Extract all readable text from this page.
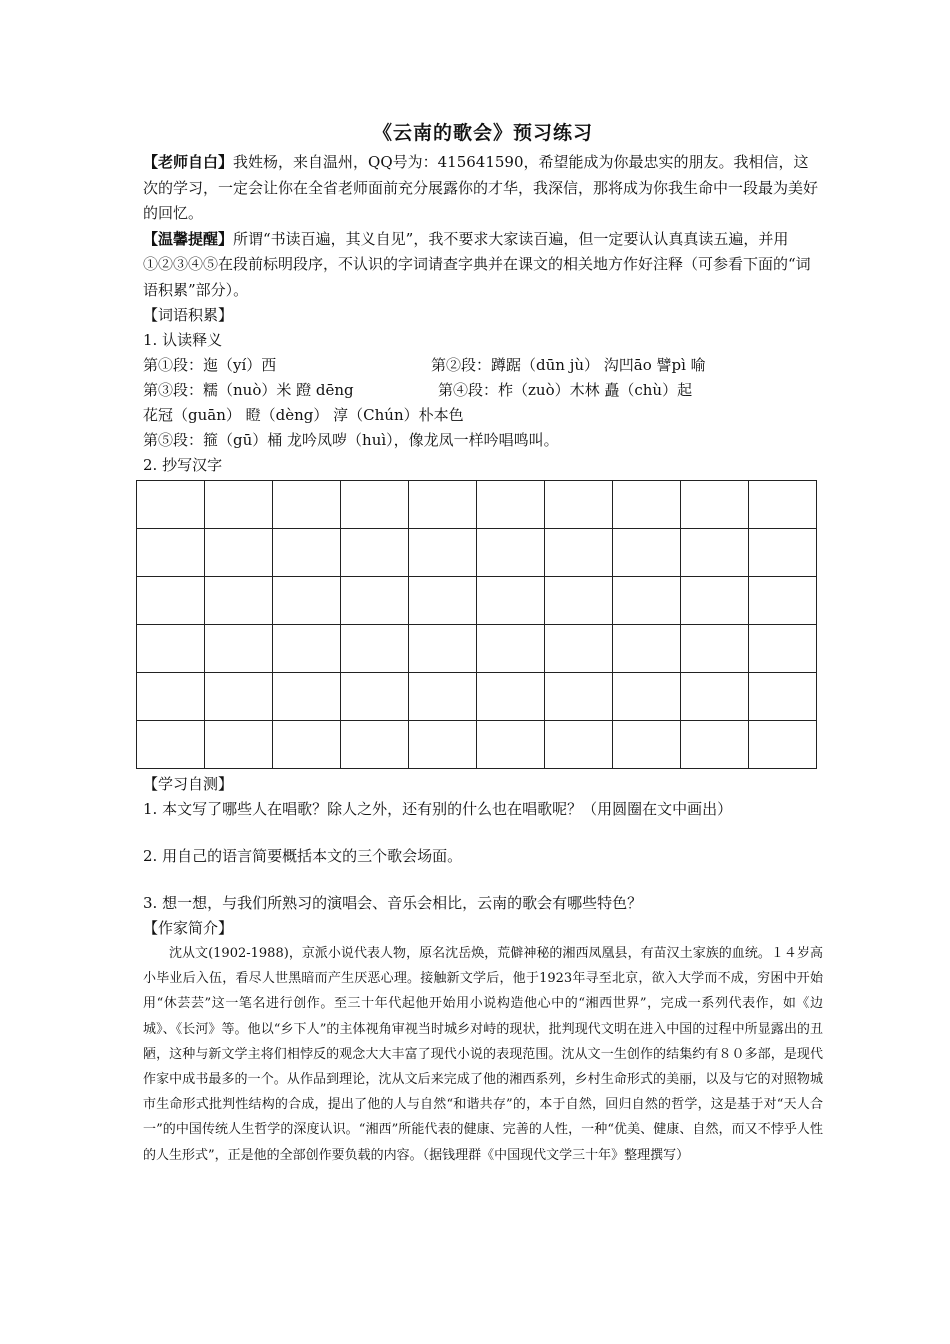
《云南的歌会》预习练习

【老师自白】我姓杨，来自温州，QQ号为：415641590，希望能成为你最忠实的朋友。我相信，这次的学习，一定会让你在全省老师面前充分展露你的才华，我深信，那将成为你我生命中一段最为美好的回忆。

【温馨提醒】所谓“书读百遍，其义自见”，我不要求大家读百遍，但一定要认认真真读五遍，并用①②③④⑤在段前标明段序，不认识的字词请查字典并在课文的相关地方作好注释（可参看下面的“词语积累”部分）。

【词语积累】
1. 认读释义
第①段：迤（yí）西	第②段：蹲踞（dūn jù） 沟凹āo 譬pì 喻
第③段：糯（nuò）米 蹬 dēng	第④段：柞（zuò）木林 矗（chù）起
花冠（guān） 瞪（dèng） 淳（Chún）朴本色
第⑤段：箍（gū）桶 龙吟凤哕（huì），像龙凤一样吟唱鸣叫。
2. 抄写汉字

【学习自测】
1. 本文写了哪些人在唱歌？除人之外，还有别的什么也在唱歌呢？（用圆圈在文中画出）
2. 用自己的语言简要概括本文的三个歌会场面。
3. 想一想，与我们所熟习的演唱会、音乐会相比，云南的歌会有哪些特色？
【作家简介】

沈从文(1902-1988)，京派小说代表人物，原名沈岳焕，荒僻神秘的湘西凤凰县，有苗汉土家族的血统。１４岁高小毕业后入伍，看尽人世黑暗而产生厌恶心理。接触新文学后，他于1923年寻至北京，欲入大学而不成，穷困中开始用“休芸芸”这一笔名进行创作。至三十年代起他开始用小说构造他心中的“湘西世界”，完成一系列代表作，如《边城》、《长河》等。他以“乡下人”的主体视角审视当时城乡对峙的现状，批判现代文明在进入中国的过程中所显露出的丑陋，这种与新文学主将们相悖反的观念大大丰富了现代小说的表现范围。沈从文一生创作的结集约有８０多部，是现代作家中成书最多的一个。从作品到理论，沈从文后来完成了他的湘西系列，乡村生命形式的美丽，以及与它的对照物城市生命形式批判性结构的合成，提出了他的人与自然“和谐共存”的，本于自然，回归自然的哲学，这是基于对“天人合一”的中国传统人生哲学的深度认识。“湘西”所能代表的健康、完善的人性，一种“优美、健康、自然，而又不悖乎人性的人生形式”，正是他的全部创作要负载的内容。（据钱理群《中国现代文学三十年》整理撰写）
